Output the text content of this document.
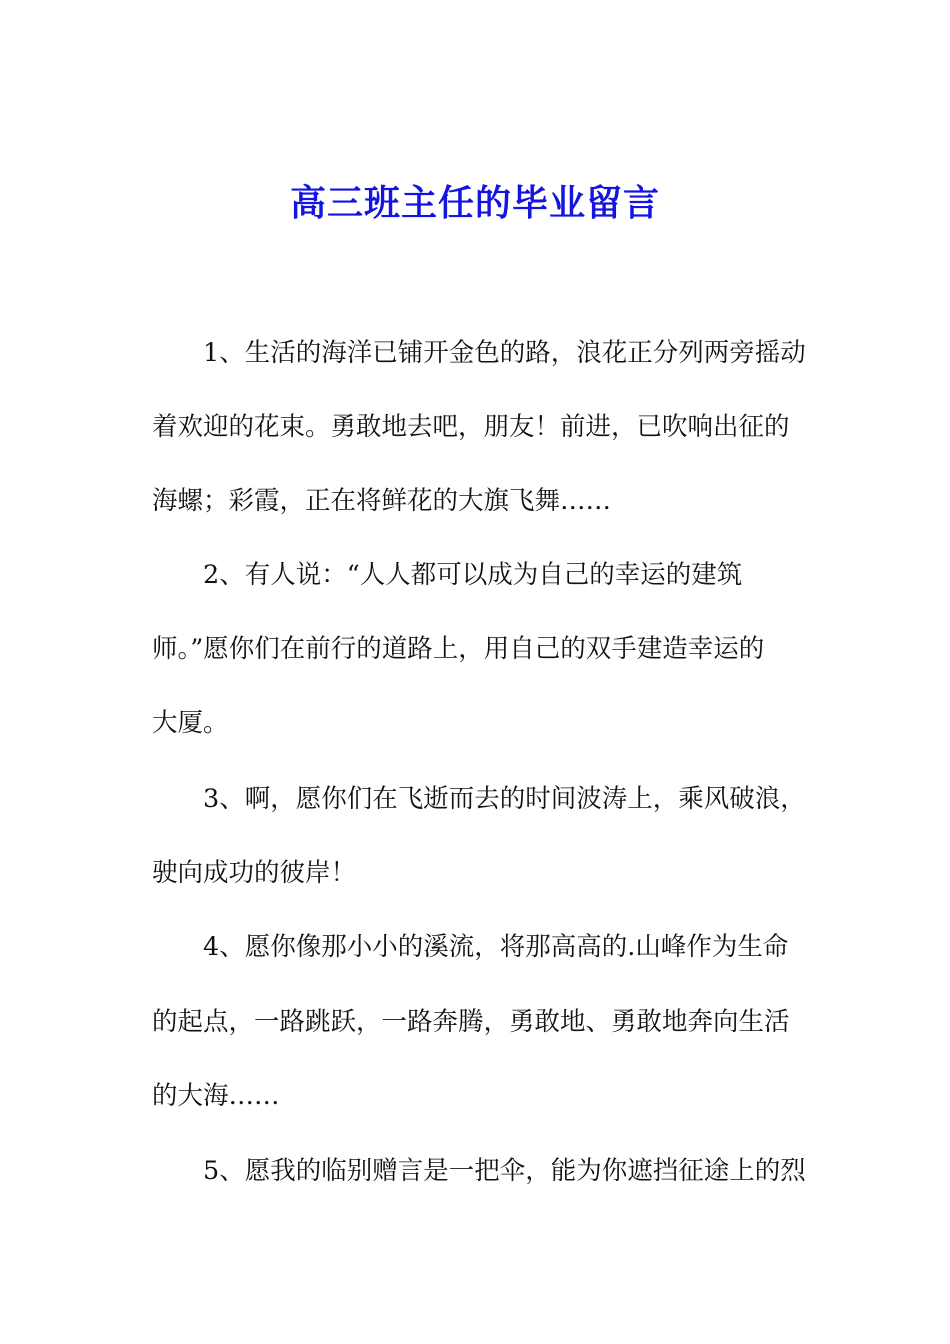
高三班主任的毕业留言

1、生活的海洋已铺开金色的路，浪花正分列两旁摇动

着欢迎的花束。勇敢地去吧，朋友！前进，已吹响出征的

海螺；彩霞，正在将鲜花的大旗飞舞……

2、有人说：“人人都可以成为自己的幸运的建筑

师。”愿你们在前行的道路上，用自己的双手建造幸运的

大厦。

3、啊，愿你们在飞逝而去的时间波涛上，乘风破浪，

驶向成功的彼岸！

4、愿你像那小小的溪流，将那高高的.山峰作为生命

的起点，一路跳跃，一路奔腾，勇敢地、勇敢地奔向生活

的大海……

5、愿我的临别赠言是一把伞，能为你遮挡征途上的烈
